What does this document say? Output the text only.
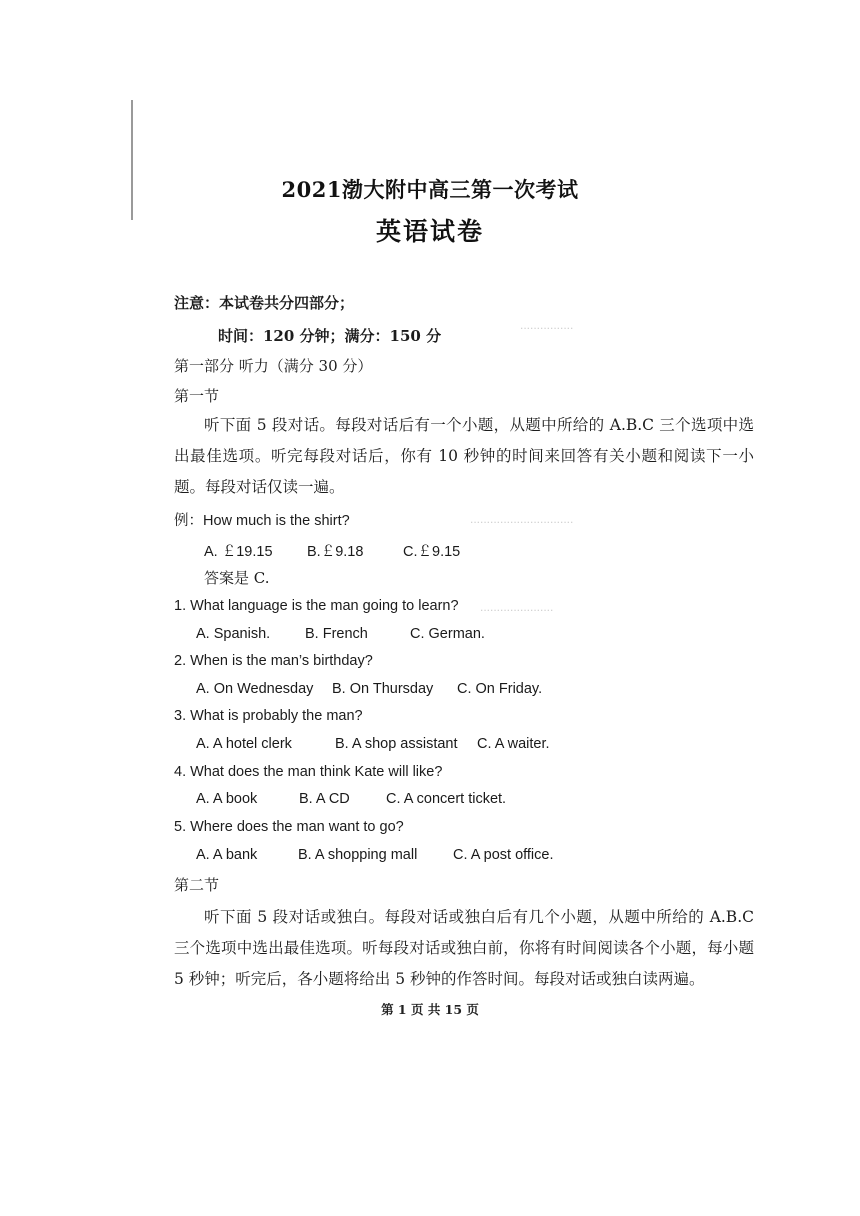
................
...............................
......................
2021渤大附中高三第一次考试
英语试卷
注意：本试卷共分四部分；
时间：120 分钟；满分：150 分
第一部分 听力（满分 30 分）
第一节
听下面 5 段对话。每段对话后有一个小题，从题中所给的 A.B.C 三个选项中选出最佳选项。听完每段对话后，你有 10 秒钟的时间来回答有关小题和阅读下一小题。每段对话仅读一遍。
例：How much is the shirt?
A. ￡19.15 B.￡9.18	C.￡9.15
答案是 C.
1. What language is the man going to learn?
A. Spanish. B. French	C. German.
2. When is the man’s birthday?
A. On Wednesday B. On Thursday C. On Friday.
3. What is probably the man?
A. A hotel clerk	B. A shop assistant C. A waiter.
4. What does the man think Kate will like?
A. A book	B. A CD C. A concert ticket.
5. Where does the man want to go?
A. A bank	B. A shopping mall C. A post office.
第二节
听下面 5 段对话或独白。每段对话或独白后有几个小题，从题中所给的 A.B.C 三个选项中选出最佳选项。听每段对话或独白前，你将有时间阅读各个小题，每小题 5 秒钟；听完后，各小题将给出 5 秒钟的作答时间。每段对话或独白读两遍。
第 1 页 共 15 页
